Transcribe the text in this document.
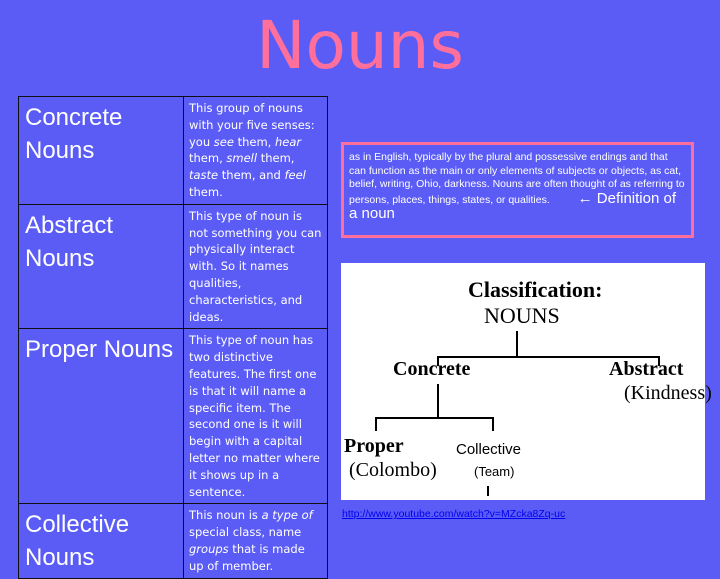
Nouns
Concrete Nouns	This group of nouns with your five senses: you see them, hear them, smell them, taste them, and feel them.
Abstract Nouns	This type of noun is not something you can physically interact with. So it names qualities, characteristics, and ideas.
Proper Nouns	This type of noun has two distinctive features. The first one is that it will name a specific item. The second one is it will begin with a capital letter no matter where it shows up in a sentence.
Collective Nouns	This noun is a type of special class, name groups that is made up of member.
as in English, typically by the plural and possessive endings and that can function as the main or only elements of subjects or objects, as cat, belief, writing, Ohio, darkness. Nouns are often thought of as referring to persons, places, things, states, or qualities. ← Definition of a noun
Classification:
NOUNS
Concrete	Abstract
(Kindness)
Proper
(Colombo)
Collective
(Team)
http://www.youtube.com/watch?v=MZcka8Zq-uc
